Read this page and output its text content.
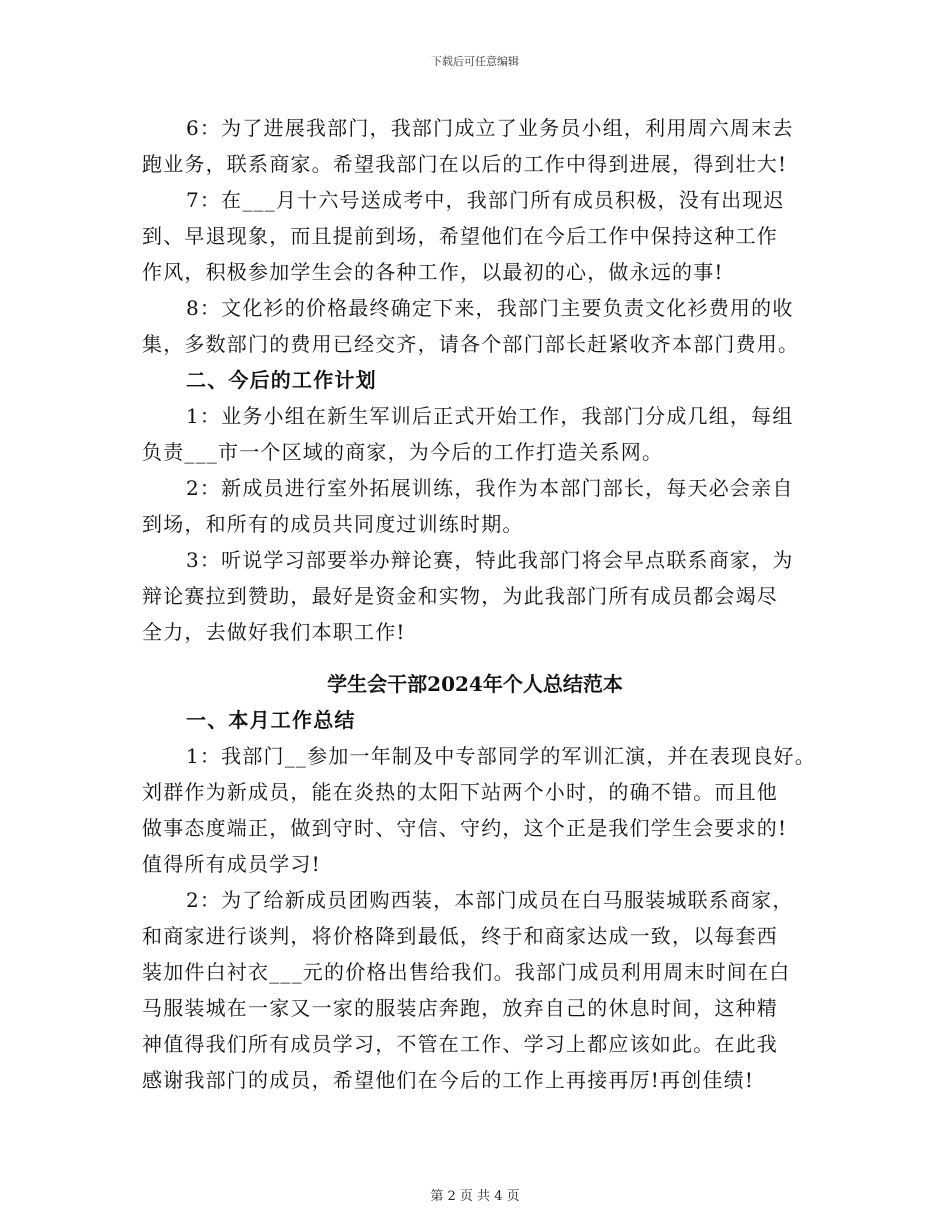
下载后可任意编辑
6：为了进展我部门，我部门成立了业务员小组，利用周六周末去
跑业务，联系商家。希望我部门在以后的工作中得到进展，得到壮大!
7：在___月十六号送成考中，我部门所有成员积极，没有出现迟
到、早退现象，而且提前到场，希望他们在今后工作中保持这种工作
作风，积极参加学生会的各种工作，以最初的心，做永远的事!
8：文化衫的价格最终确定下来，我部门主要负责文化衫费用的收
集，多数部门的费用已经交齐，请各个部门部长赶紧收齐本部门费用。
二、今后的工作计划
1：业务小组在新生军训后正式开始工作，我部门分成几组，每组
负责___市一个区域的商家，为今后的工作打造关系网。
2：新成员进行室外拓展训练，我作为本部门部长，每天必会亲自
到场，和所有的成员共同度过训练时期。
3：听说学习部要举办辩论赛，特此我部门将会早点联系商家，为
辩论赛拉到赞助，最好是资金和实物，为此我部门所有成员都会竭尽
全力，去做好我们本职工作!
学生会干部2024年个人总结范本
一、本月工作总结
1：我部门__参加一年制及中专部同学的军训汇演，并在表现良好。
刘群作为新成员，能在炎热的太阳下站两个小时，的确不错。而且他
做事态度端正，做到守时、守信、守约，这个正是我们学生会要求的!
值得所有成员学习!
2：为了给新成员团购西装，本部门成员在白马服装城联系商家，
和商家进行谈判，将价格降到最低，终于和商家达成一致，以每套西
装加件白衬衣___元的价格出售给我们。我部门成员利用周末时间在白
马服装城在一家又一家的服装店奔跑，放弃自己的休息时间，这种精
神值得我们所有成员学习，不管在工作、学习上都应该如此。在此我
感谢我部门的成员，希望他们在今后的工作上再接再厉!再创佳绩!
第 2 页 共 4 页
